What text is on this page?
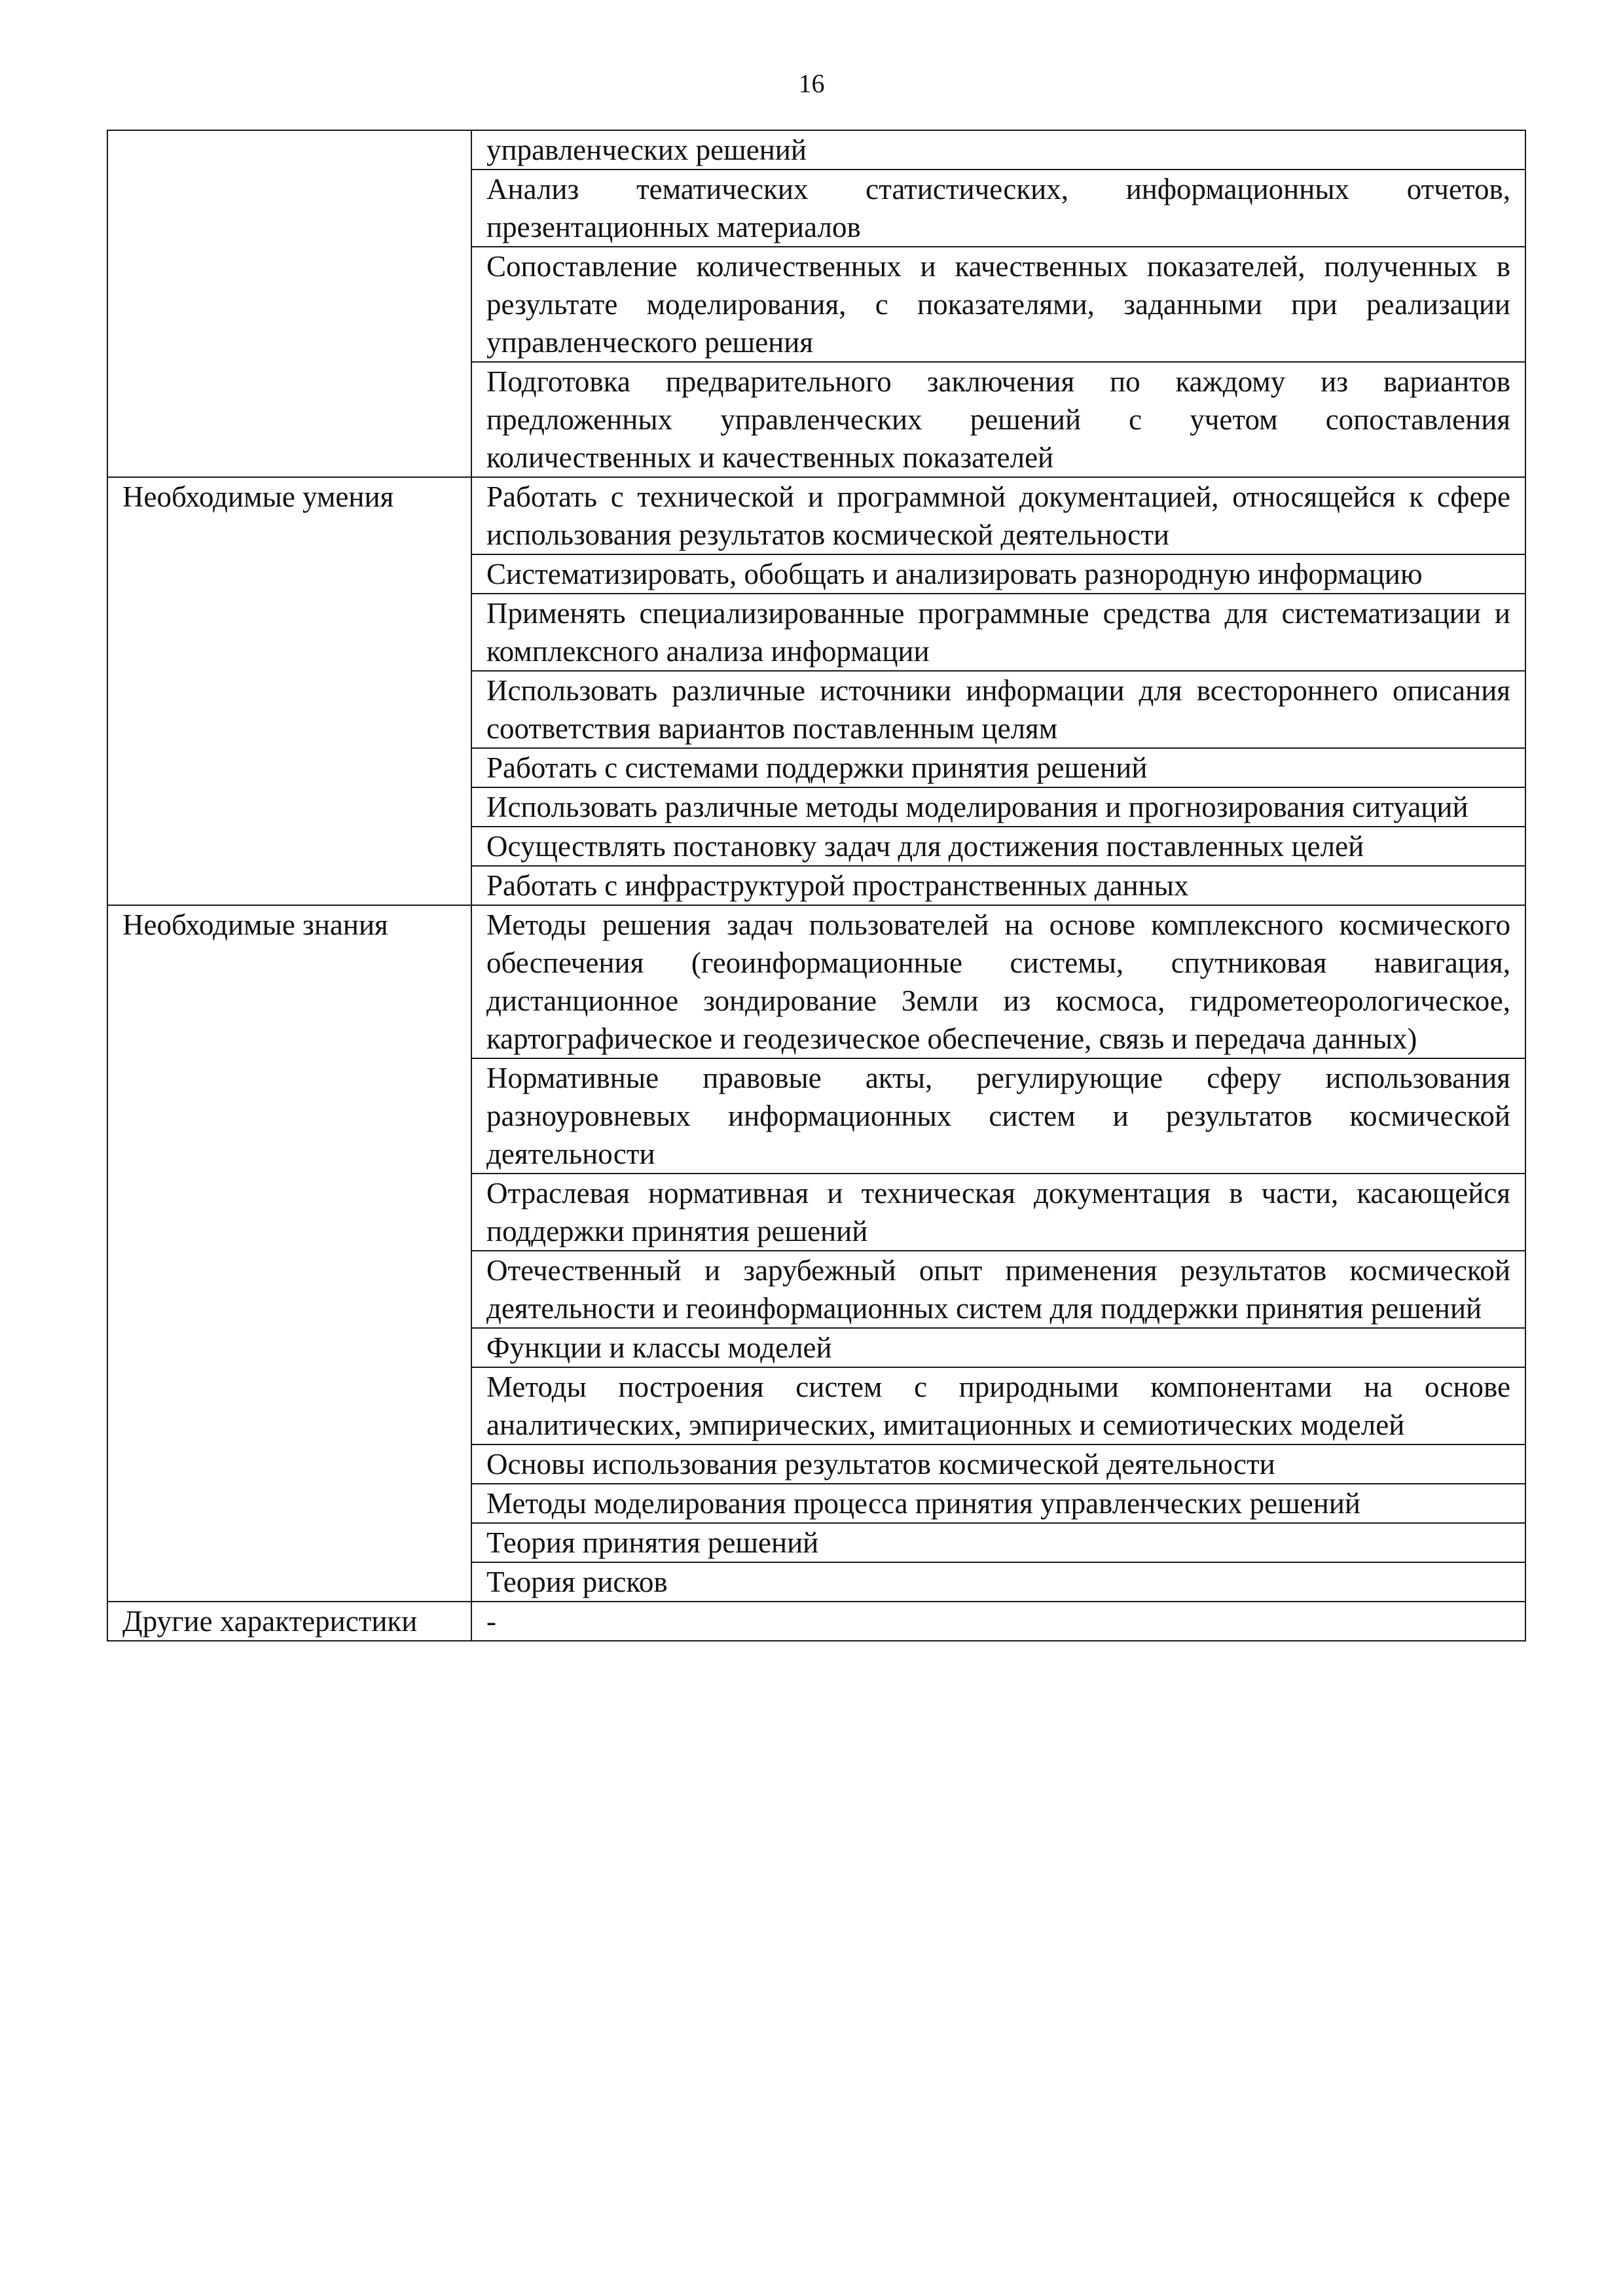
16
	управленческих решений
	Анализ тематических статистических, информационных отчетов, презентационных материалов
	Сопоставление количественных и качественных показателей, полученных в результате моделирования, с показателями, заданными при реализации управленческого решения
	Подготовка предварительного заключения по каждому из вариантов предложенных управленческих решений с учетом сопоставления количественных и качественных показателей
Необходимые умения	Работать с технической и программной документацией, относящейся к сфере использования результатов космической деятельности
	Систематизировать, обобщать и анализировать разнородную информацию
	Применять специализированные программные средства для систематизации и комплексного анализа информации
	Использовать различные источники информации для всестороннего описания соответствия вариантов поставленным целям
	Работать с системами поддержки принятия решений
	Использовать различные методы моделирования и прогнозирования ситуаций
	Осуществлять постановку задач для достижения поставленных целей
	Работать с инфраструктурой пространственных данных
Необходимые знания	Методы решения задач пользователей на основе комплексного космического обеспечения (геоинформационные системы, спутниковая навигация, дистанционное зондирование Земли из космоса, гидрометеорологическое, картографическое и геодезическое обеспечение, связь и передача данных)
	Нормативные правовые акты, регулирующие сферу использования разноуровневых информационных систем и результатов космической деятельности
	Отраслевая нормативная и техническая документация в части, касающейся поддержки принятия решений
	Отечественный и зарубежный опыт применения результатов космической деятельности и геоинформационных систем для поддержки принятия решений
	Функции и классы моделей
	Методы построения систем с природными компонентами на основе аналитических, эмпирических, имитационных и семиотических моделей
	Основы использования результатов космической деятельности
	Методы моделирования процесса принятия управленческих решений
	Теория принятия решений
	Теория рисков
Другие характеристики	-
